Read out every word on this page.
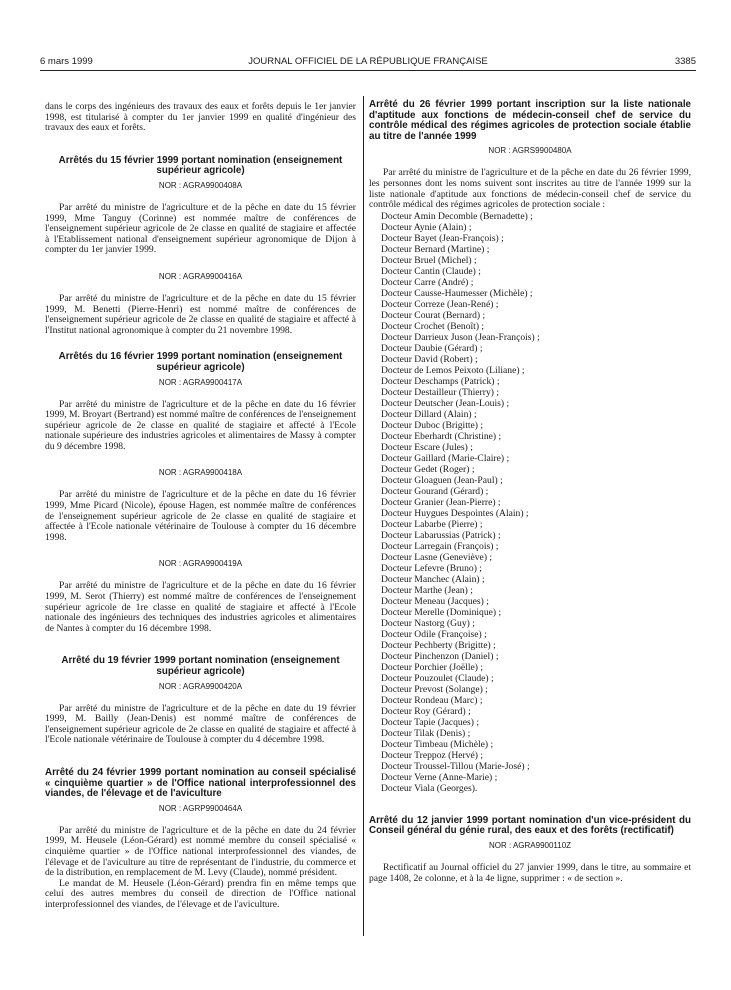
6 mars 1999	JOURNAL OFFICIEL DE LA RÉPUBLIQUE FRANÇAISE	3385

dans le corps des ingénieurs des travaux des eaux et forêts depuis le 1er janvier 1998, est titularisé à compter du 1er janvier 1999 en qualité d'ingénieur des travaux des eaux et forêts.

Arrêtés du 15 février 1999 portant nomination (enseignement supérieur agricole)
NOR : AGRA9900408A

Par arrêté du ministre de l'agriculture et de la pêche en date du 15 février 1999, Mme Tanguy (Corinne) est nommée maître de conférences de l'enseignement supérieur agricole de 2e classe en qualité de stagiaire et affectée à l'Etablissement national d'enseignement supérieur agronomique de Dijon à compter du 1er janvier 1999.

NOR : AGRA9900416A

Par arrêté du ministre de l'agriculture et de la pêche en date du 15 février 1999, M. Benetti (Pierre-Henri) est nommé maître de conférences de l'enseignement supérieur agricole de 2e classe en qualité de stagiaire et affecté à l'Institut national agronomique à compter du 21 novembre 1998.

Arrêtés du 16 février 1999 portant nomination (enseignement supérieur agricole)
NOR : AGRA9900417A

Par arrêté du ministre de l'agriculture et de la pêche en date du 16 février 1999, M. Broyart (Bertrand) est nommé maître de conférences de l'enseignement supérieur agricole de 2e classe en qualité de stagiaire et affecté à l'Ecole nationale supérieure des industries agricoles et alimentaires de Massy à compter du 9 décembre 1998.

NOR : AGRA9900418A

Par arrêté du ministre de l'agriculture et de la pêche en date du 16 février 1999, Mme Picard (Nicole), épouse Hagen, est nommée maître de conférences de l'enseignement supérieur agricole de 2e classe en qualité de stagiaire et affectée à l'Ecole nationale vétérinaire de Toulouse à compter du 16 décembre 1998.

NOR : AGRA9900419A

Par arrêté du ministre de l'agriculture et de la pêche en date du 16 février 1999, M. Serot (Thierry) est nommé maître de conférences de l'enseignement supérieur agricole de 1re classe en qualité de stagiaire et affecté à l'Ecole nationale des ingénieurs des techniques des industries agricoles et alimentaires de Nantes à compter du 16 décembre 1998.

Arrêté du 19 février 1999 portant nomination (enseignement supérieur agricole)
NOR : AGRA9900420A

Par arrêté du ministre de l'agriculture et de la pêche en date du 19 février 1999, M. Bailly (Jean-Denis) est nommé maître de conférences de l'enseignement supérieur agricole de 2e classe en qualité de stagiaire et affecté à l'Ecole nationale vétérinaire de Toulouse à compter du 4 décembre 1998.

Arrêté du 24 février 1999 portant nomination au conseil spécialisé « cinquième quartier » de l'Office national interprofessionnel des viandes, de l'élevage et de l'aviculture
NOR : AGRP9900464A

Par arrêté du ministre de l'agriculture et de la pêche en date du 24 février 1999, M. Heusele (Léon-Gérard) est nommé membre du conseil spécialisé « cinquième quartier » de l'Office national interprofessionnel des viandes, de l'élevage et de l'aviculture au titre de représentant de l'industrie, du commerce et de la distribution, en remplacement de M. Levy (Claude), nommé président.

Le mandat de M. Heusele (Léon-Gérard) prendra fin en même temps que celui des autres membres du conseil de direction de l'Office national interprofessionnel des viandes, de l'élevage et de l'aviculture.

Arrêté du 26 février 1999 portant inscription sur la liste nationale d'aptitude aux fonctions de médecin-conseil chef de service du contrôle médical des régimes agricoles de protection sociale établie au titre de l'année 1999
NOR : AGRS9900480A

Par arrêté du ministre de l'agriculture et de la pêche en date du 26 février 1999, les personnes dont les noms suivent sont inscrites au titre de l'année 1999 sur la liste nationale d'aptitude aux fonctions de médecin-conseil chef de service du contrôle médical des régimes agricoles de protection sociale :

Docteur Amin Decomble (Bernadette) ;
Docteur Aynie (Alain) ;
Docteur Bayet (Jean-François) ;
Docteur Bernard (Martine) ;
Docteur Bruel (Michel) ;
Docteur Cantin (Claude) ;
Docteur Carre (André) ;
Docteur Causse-Haumesser (Michèle) ;
Docteur Correze (Jean-René) ;
Docteur Courat (Bernard) ;
Docteur Crochet (Benoît) ;
Docteur Darrieux Juson (Jean-François) ;
Docteur Daubie (Gérard) ;
Docteur David (Robert) ;
Docteur de Lemos Peixoto (Liliane) ;
Docteur Deschamps (Patrick) ;
Docteur Destailleur (Thierry) ;
Docteur Deutscher (Jean-Louis) ;
Docteur Dillard (Alain) ;
Docteur Duboc (Brigitte) ;
Docteur Eberhardt (Christine) ;
Docteur Escare (Jules) ;
Docteur Gaillard (Marie-Claire) ;
Docteur Gedet (Roger) ;
Docteur Gloaguen (Jean-Paul) ;
Docteur Gourand (Gérard) ;
Docteur Granier (Jean-Pierre) ;
Docteur Huygues Despointes (Alain) ;
Docteur Labarbe (Pierre) ;
Docteur Labarussias (Patrick) ;
Docteur Larregain (François) ;
Docteur Lasne (Geneviève) ;
Docteur Lefevre (Bruno) ;
Docteur Manchec (Alain) ;
Docteur Marthe (Jean) ;
Docteur Meneau (Jacques) ;
Docteur Merelle (Dominique) ;
Docteur Nastorg (Guy) ;
Docteur Odile (Françoise) ;
Docteur Pechberty (Brigitte) ;
Docteur Pinchenzon (Daniel) ;
Docteur Porchier (Joëlle) ;
Docteur Pouzoulet (Claude) ;
Docteur Prevost (Solange) ;
Docteur Rondeau (Marc) ;
Docteur Roy (Gérard) ;
Docteur Tapie (Jacques) ;
Docteur Tilak (Denis) ;
Docteur Timbeau (Michèle) ;
Docteur Treppoz (Hervé) ;
Docteur Troussel-Tillou (Marie-José) ;
Docteur Verne (Anne-Marie) ;
Docteur Viala (Georges).
Arrêté du 12 janvier 1999 portant nomination d'un vice-président du Conseil général du génie rural, des eaux et des forêts (rectificatif)
NOR : AGRA9900110Z

Rectificatif au Journal officiel du 27 janvier 1999, dans le titre, au sommaire et page 1408, 2e colonne, et à la 4e ligne, supprimer : « de section ».
